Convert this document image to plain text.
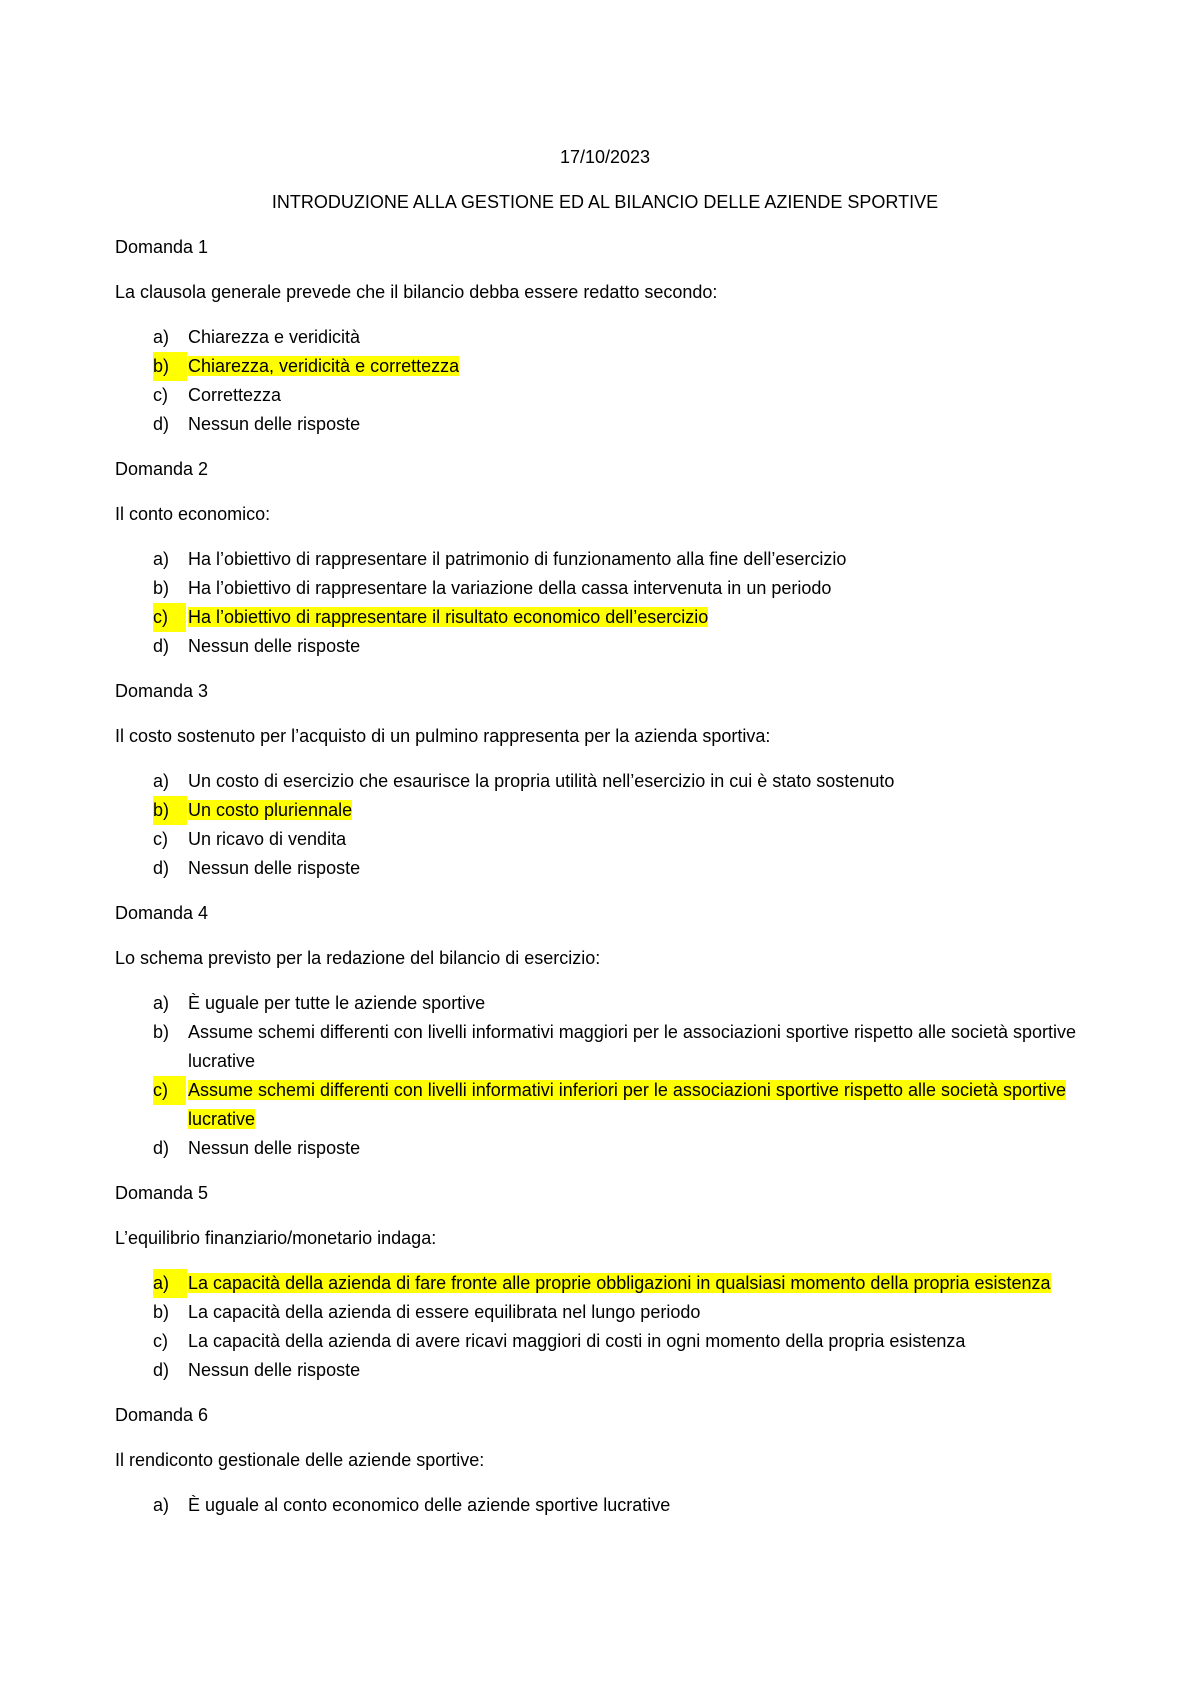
17/10/2023

INTRODUZIONE ALLA GESTIONE ED AL BILANCIO DELLE AZIENDE SPORTIVE

Domanda 1

La clausola generale prevede che il bilancio debba essere redatto secondo:

a) Chiarezza e veridicità
b)	Chiarezza, veridicità e correttezza
c) Correttezza
d) Nessun delle risposte

Domanda 2

Il conto economico:

a) Ha l’obiettivo di rappresentare il patrimonio di funzionamento alla fine dell’esercizio
b) Ha l’obiettivo di rappresentare la variazione della cassa intervenuta in un periodo
c)	Ha l’obiettivo di rappresentare il risultato economico dell’esercizio
d) Nessun delle risposte

Domanda 3

Il costo sostenuto per l’acquisto di un pulmino rappresenta per la azienda sportiva:

a) Un costo di esercizio che esaurisce la propria utilità nell’esercizio in cui è stato sostenuto
b)	Un costo pluriennale
c) Un ricavo di vendita
d) Nessun delle risposte

Domanda 4

Lo schema previsto per la redazione del bilancio di esercizio:

a) È uguale per tutte le aziende sportive
b) Assume schemi differenti con livelli informativi maggiori per le associazioni sportive rispetto alle società sportive lucrative
c)	Assume schemi differenti con livelli informativi inferiori per le associazioni sportive rispetto alle società sportive lucrative
d) Nessun delle risposte

Domanda 5

L’equilibrio finanziario/monetario indaga:

a)	La capacità della azienda di fare fronte alle proprie obbligazioni in qualsiasi momento della propria esistenza
b) La capacità della azienda di essere equilibrata nel lungo periodo
c) La capacità della azienda di avere ricavi maggiori di costi in ogni momento della propria esistenza
d) Nessun delle risposte

Domanda 6

Il rendiconto gestionale delle aziende sportive:

a) È uguale al conto economico delle aziende sportive lucrative
